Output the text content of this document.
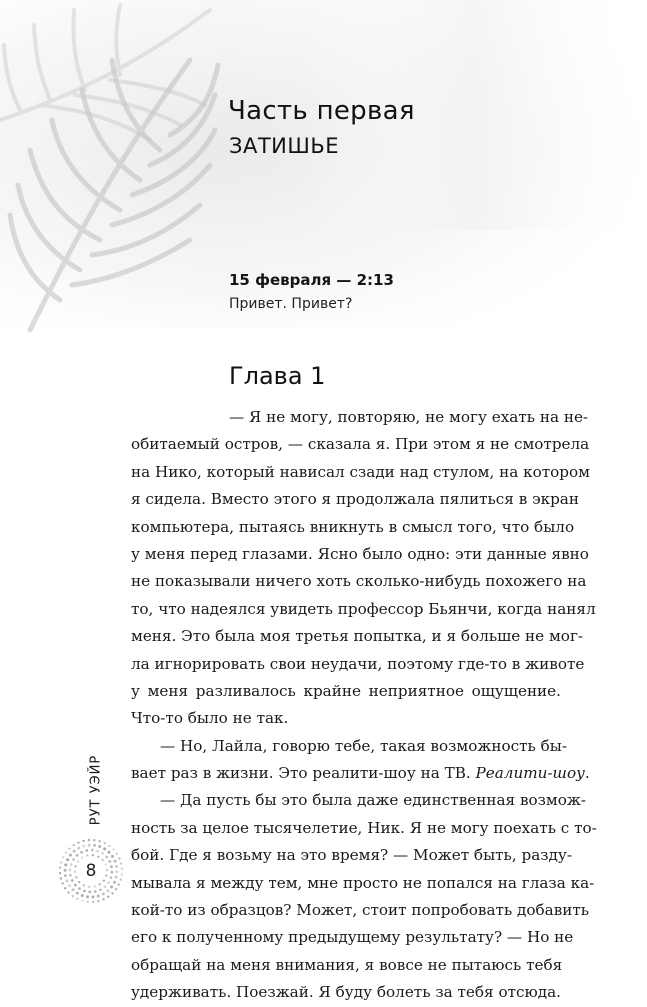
Часть первая
ЗАТИШЬЕ
15 февраля — 2:13
Привет. Привет?
Глава 1
— Я не могу, повторяю, не могу ехать на не-
обитаемый остров, — сказала я. При этом я не смотрела
на Нико, который нависал сзади над стулом, на котором
я сидела. Вместо этого я продолжала пялиться в экран
компьютера, пытаясь вникнуть в смысл того, что было
у меня перед глазами. Ясно было одно: эти данные явно
не показывали ничего хоть сколько-нибудь похожего на
то, что надеялся увидеть профессор Бьянчи, когда нанял
меня. Это была моя третья попытка, и я больше не мог-
ла игнорировать свои неудачи, поэтому где-то в животе
у меня разливалось крайне неприятное ощущение.
Что-то было не так.
— Но, Лайла, говорю тебе, такая возможность бы-
вает раз в жизни. Это реалити-шоу на ТВ. Реалити-шоу.
— Да пусть бы это была даже единственная возмож-
ность за целое тысячелетие, Ник. Я не могу поехать с то-
бой. Где я возьму на это время? — Может быть, разду-
мывала я между тем, мне просто не попался на глаза ка-
кой-то из образцов? Может, стоит попробовать добавить
его к полученному предыдущему результату? — Но не
обращай на меня внимания, я вовсе не пытаюсь тебя
удерживать. Поезжай. Я буду болеть за тебя отсюда.
РУТ УЭЙР
8
